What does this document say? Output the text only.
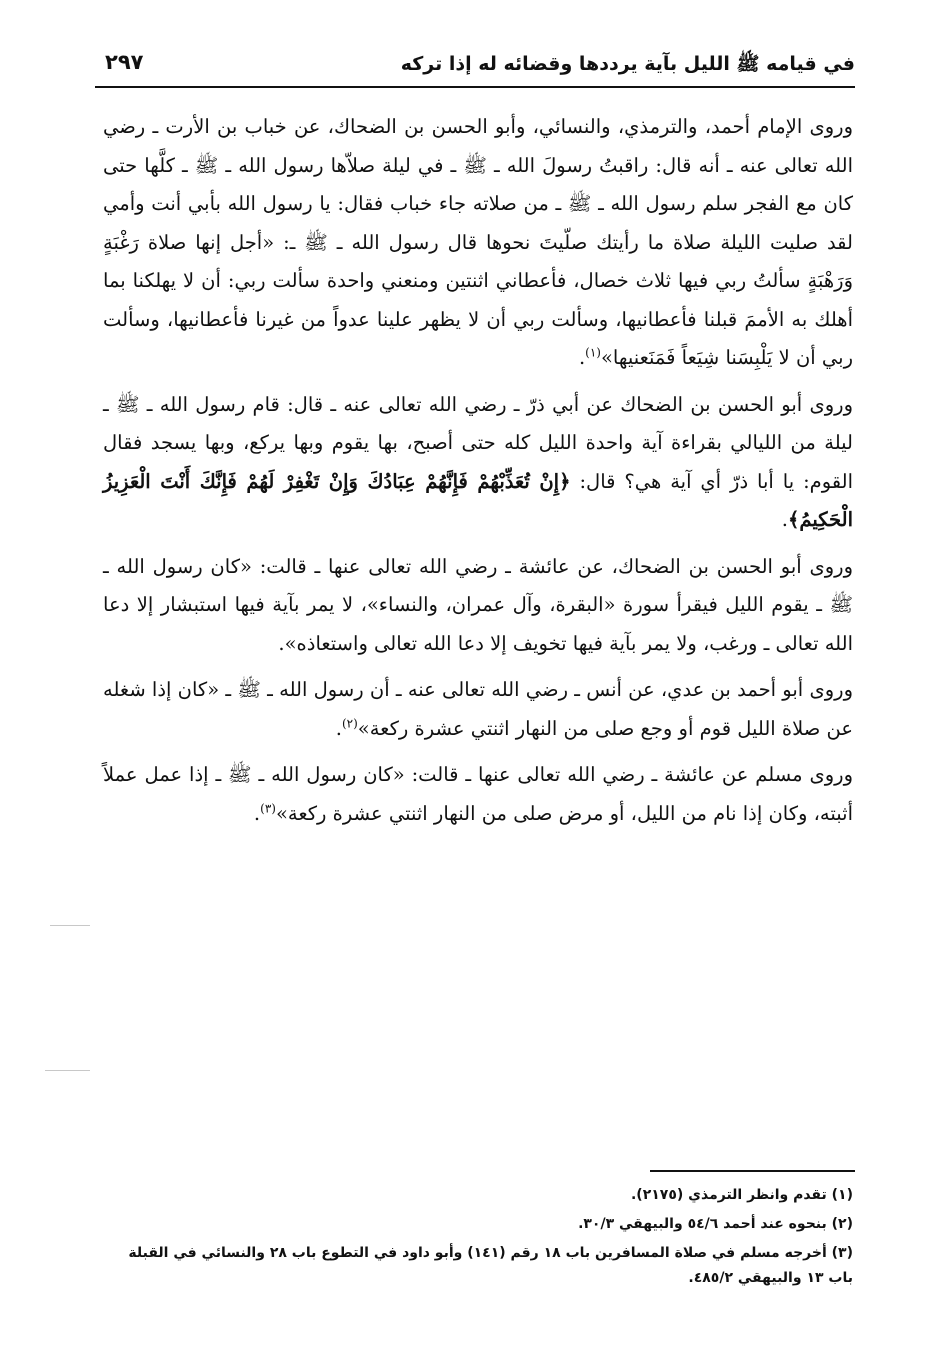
في قيامه ﷺ الليل بآية يرددها وقضائه له إذا تركه
٢٩٧

وروى الإمام أحمد، والترمذي، والنسائي، وأبو الحسن بن الضحاك، عن خباب بن الأرت ـ رضي الله تعالى عنه ـ أنه قال: راقبتُ رسولَ الله ـ ﷺ ـ في ليلة صلاّها رسول الله ـ ﷺ ـ كلَّها حتى كان مع الفجر سلم رسول الله ـ ﷺ ـ من صلاته جاء خباب فقال: يا رسول الله بأبي أنت وأمي لقد صليت الليلة صلاة ما رأيتك صلّيتَ نحوها قال رسول الله ـ ﷺ ـ: «أجل إنها صلاة رَغْبَةٍ وَرَهْبَةٍ سألتُ ربي فيها ثلاث خصال، فأعطاني اثنتين ومنعني واحدة سألت ربي: أن لا يهلكنا بما أهلك به الأممَ قبلنا فأعطانيها، وسألت ربي أن لا يظهر علينا عدواً من غيرنا فأعطانيها، وسألت ربي أن لا يَلْبِسَنا شِيَعاً فَمَنَعنيها»$^{(١)}$.

وروى أبو الحسن بن الضحاك عن أبي ذرّ ـ رضي الله تعالى عنه ـ قال: قام رسول الله ـ ﷺ ـ ليلة من الليالي بقراءة آية واحدة الليل كله حتى أصبح، بها يقوم وبها يركع، وبها يسجد فقال القوم: يا أبا ذرّ أي آية هي؟ قال: ﴿إِنْ تُعَذِّبْهُمْ فَإِنَّهُمْ عِبَادُكَ وَإِنْ تَغْفِرْ لَهُمْ فَإِنَّكَ أَنْتَ الْعَزِيزُ الْحَكِيمُ﴾.

وروى أبو الحسن بن الضحاك، عن عائشة ـ رضي الله تعالى عنها ـ قالت: «كان رسول الله ـ ﷺ ـ يقوم الليل فيقرأ سورة «البقرة، وآل عمران، والنساء»، لا يمر بآية فيها استبشار إلا دعا الله تعالى ـ ورغب، ولا يمر بآية فيها تخويف إلا دعا الله تعالى واستعاذه».

وروى أبو أحمد بن عدي، عن أنس ـ رضي الله تعالى عنه ـ أن رسول الله ـ ﷺ ـ «كان إذا شغله عن صلاة الليل قوم أو وجع صلى من النهار اثنتي عشرة ركعة»$^{(٢)}$.

وروى مسلم عن عائشة ـ رضي الله تعالى عنها ـ قالت: «كان رسول الله ـ ﷺ ـ إذا عمل عملاً أثبته، وكان إذا نام من الليل، أو مرض صلى من النهار اثنتي عشرة ركعة»$^{(٣)}$.

(١) تقدم وانظر الترمذي (٢١٧٥).

(٢) بنحوه عند أحمد ٥٤/٦ والبيهقي ٣٠/٣.

(٣) أخرجه مسلم في صلاة المسافرين باب ١٨ رقم (١٤١) وأبو داود في التطوع باب ٢٨ والنسائي في القبلة باب ١٣ والبيهقي ٤٨٥/٢.
